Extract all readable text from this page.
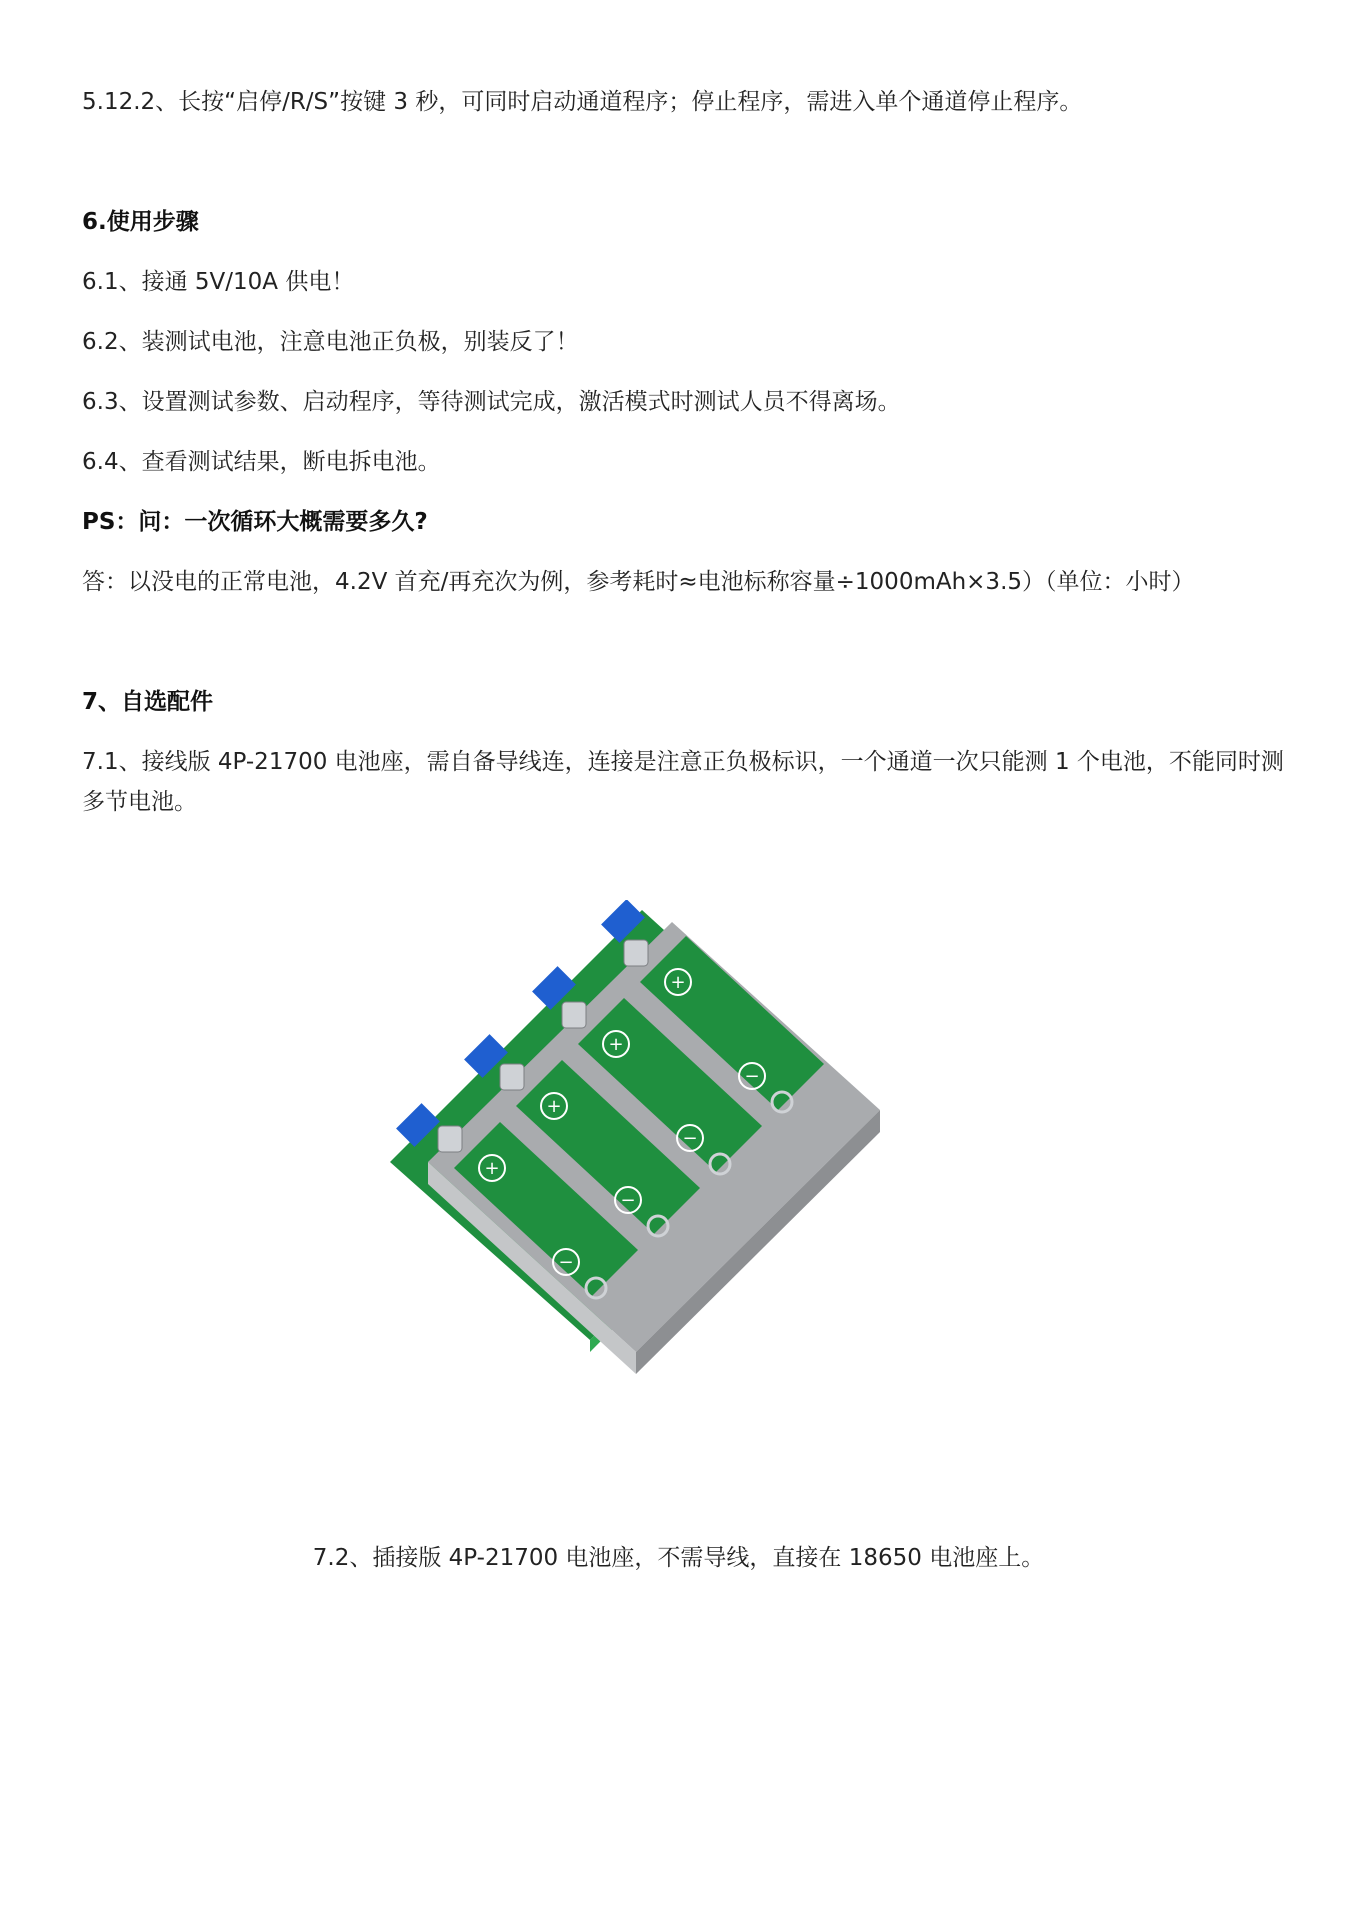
5.12.2、长按“启停/R/S”按键 3 秒，可同时启动通道程序；停止程序，需进入单个通道停止程序。
6.使用步骤
6.1、接通 5V/10A 供电！
6.2、装测试电池，注意电池正负极，别装反了！
6.3、设置测试参数、启动程序，等待测试完成，激活模式时测试人员不得离场。
6.4、查看测试结果，断电拆电池。
PS：问：一次循环大概需要多久?
答：以没电的正常电池，4.2V 首充/再充次为例，参考耗时≈电池标称容量÷1000mAh×3.5）（单位：小时）
7、自选配件
7.1、接线版 4P-21700 电池座，需自备导线连，连接是注意正负极标识，一个通道一次只能测 1 个电池，不能同时测多节电池。
+
+
+
+
−
−
−
−
7.2、插接版 4P-21700 电池座，不需导线，直接在 18650 电池座上。
